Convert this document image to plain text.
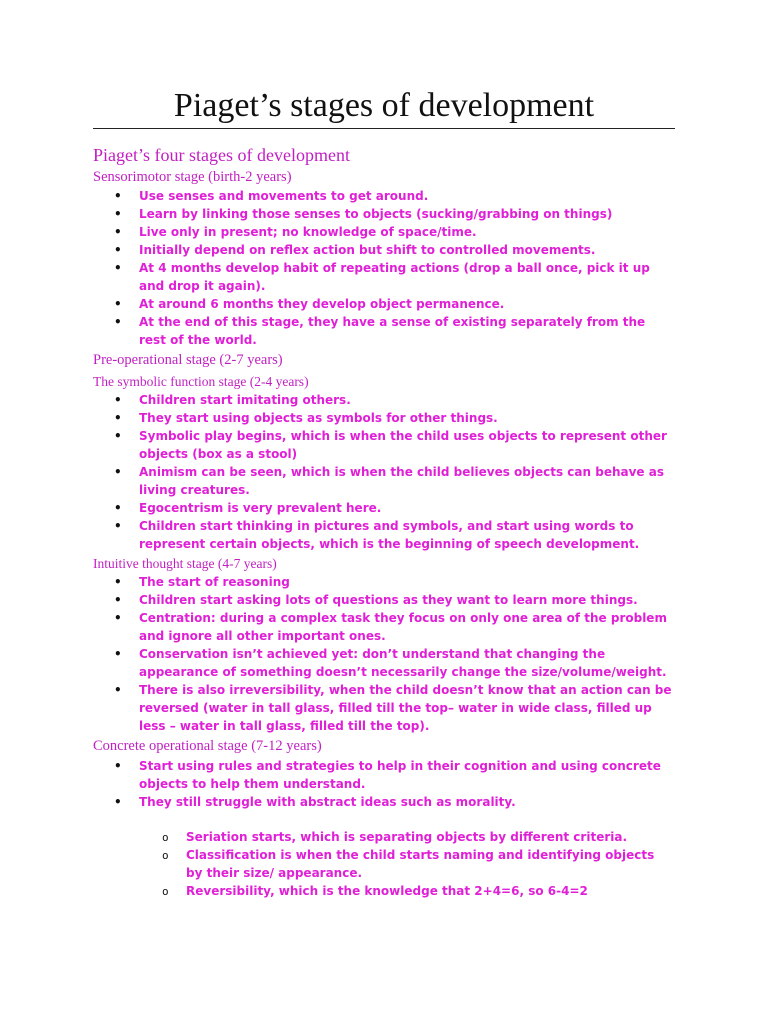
Piaget’s stages of development
Piaget’s four stages of development
Sensorimotor stage (birth-2 years)
• Use senses and movements to get around.
• Learn by linking those senses to objects (sucking/grabbing on things)
• Live only in present; no knowledge of space/time.
• Initially depend on reflex action but shift to controlled movements.
• At 4 months develop habit of repeating actions (drop a ball once, pick it up and drop it again).
• At around 6 months they develop object permanence.
• At the end of this stage, they have a sense of existing separately from the rest of the world.
Pre-operational stage (2-7 years)
The symbolic function stage (2-4 years)
• Children start imitating others.
• They start using objects as symbols for other things.
• Symbolic play begins, which is when the child uses objects to represent other objects (box as a stool)
• Animism can be seen, which is when the child believes objects can behave as living creatures.
• Egocentrism is very prevalent here.
• Children start thinking in pictures and symbols, and start using words to represent certain objects, which is the beginning of speech development.
Intuitive thought stage (4-7 years)
• The start of reasoning
• Children start asking lots of questions as they want to learn more things.
• Centration: during a complex task they focus on only one area of the problem and ignore all other important ones.
• Conservation isn’t achieved yet: don’t understand that changing the appearance of something doesn’t necessarily change the size/volume/weight.
• There is also irreversibility, when the child doesn’t know that an action can be reversed (water in tall glass, filled till the top– water in wide class, filled up less – water in tall glass, filled till the top).
Concrete operational stage (7-12 years)
• Start using rules and strategies to help in their cognition and using concrete objects to help them understand.
• They still struggle with abstract ideas such as morality.
o Seriation starts, which is separating objects by different criteria.
o Classification is when the child starts naming and identifying objects by their size/ appearance.
o Reversibility, which is the knowledge that 2+4=6, so 6-4=2
